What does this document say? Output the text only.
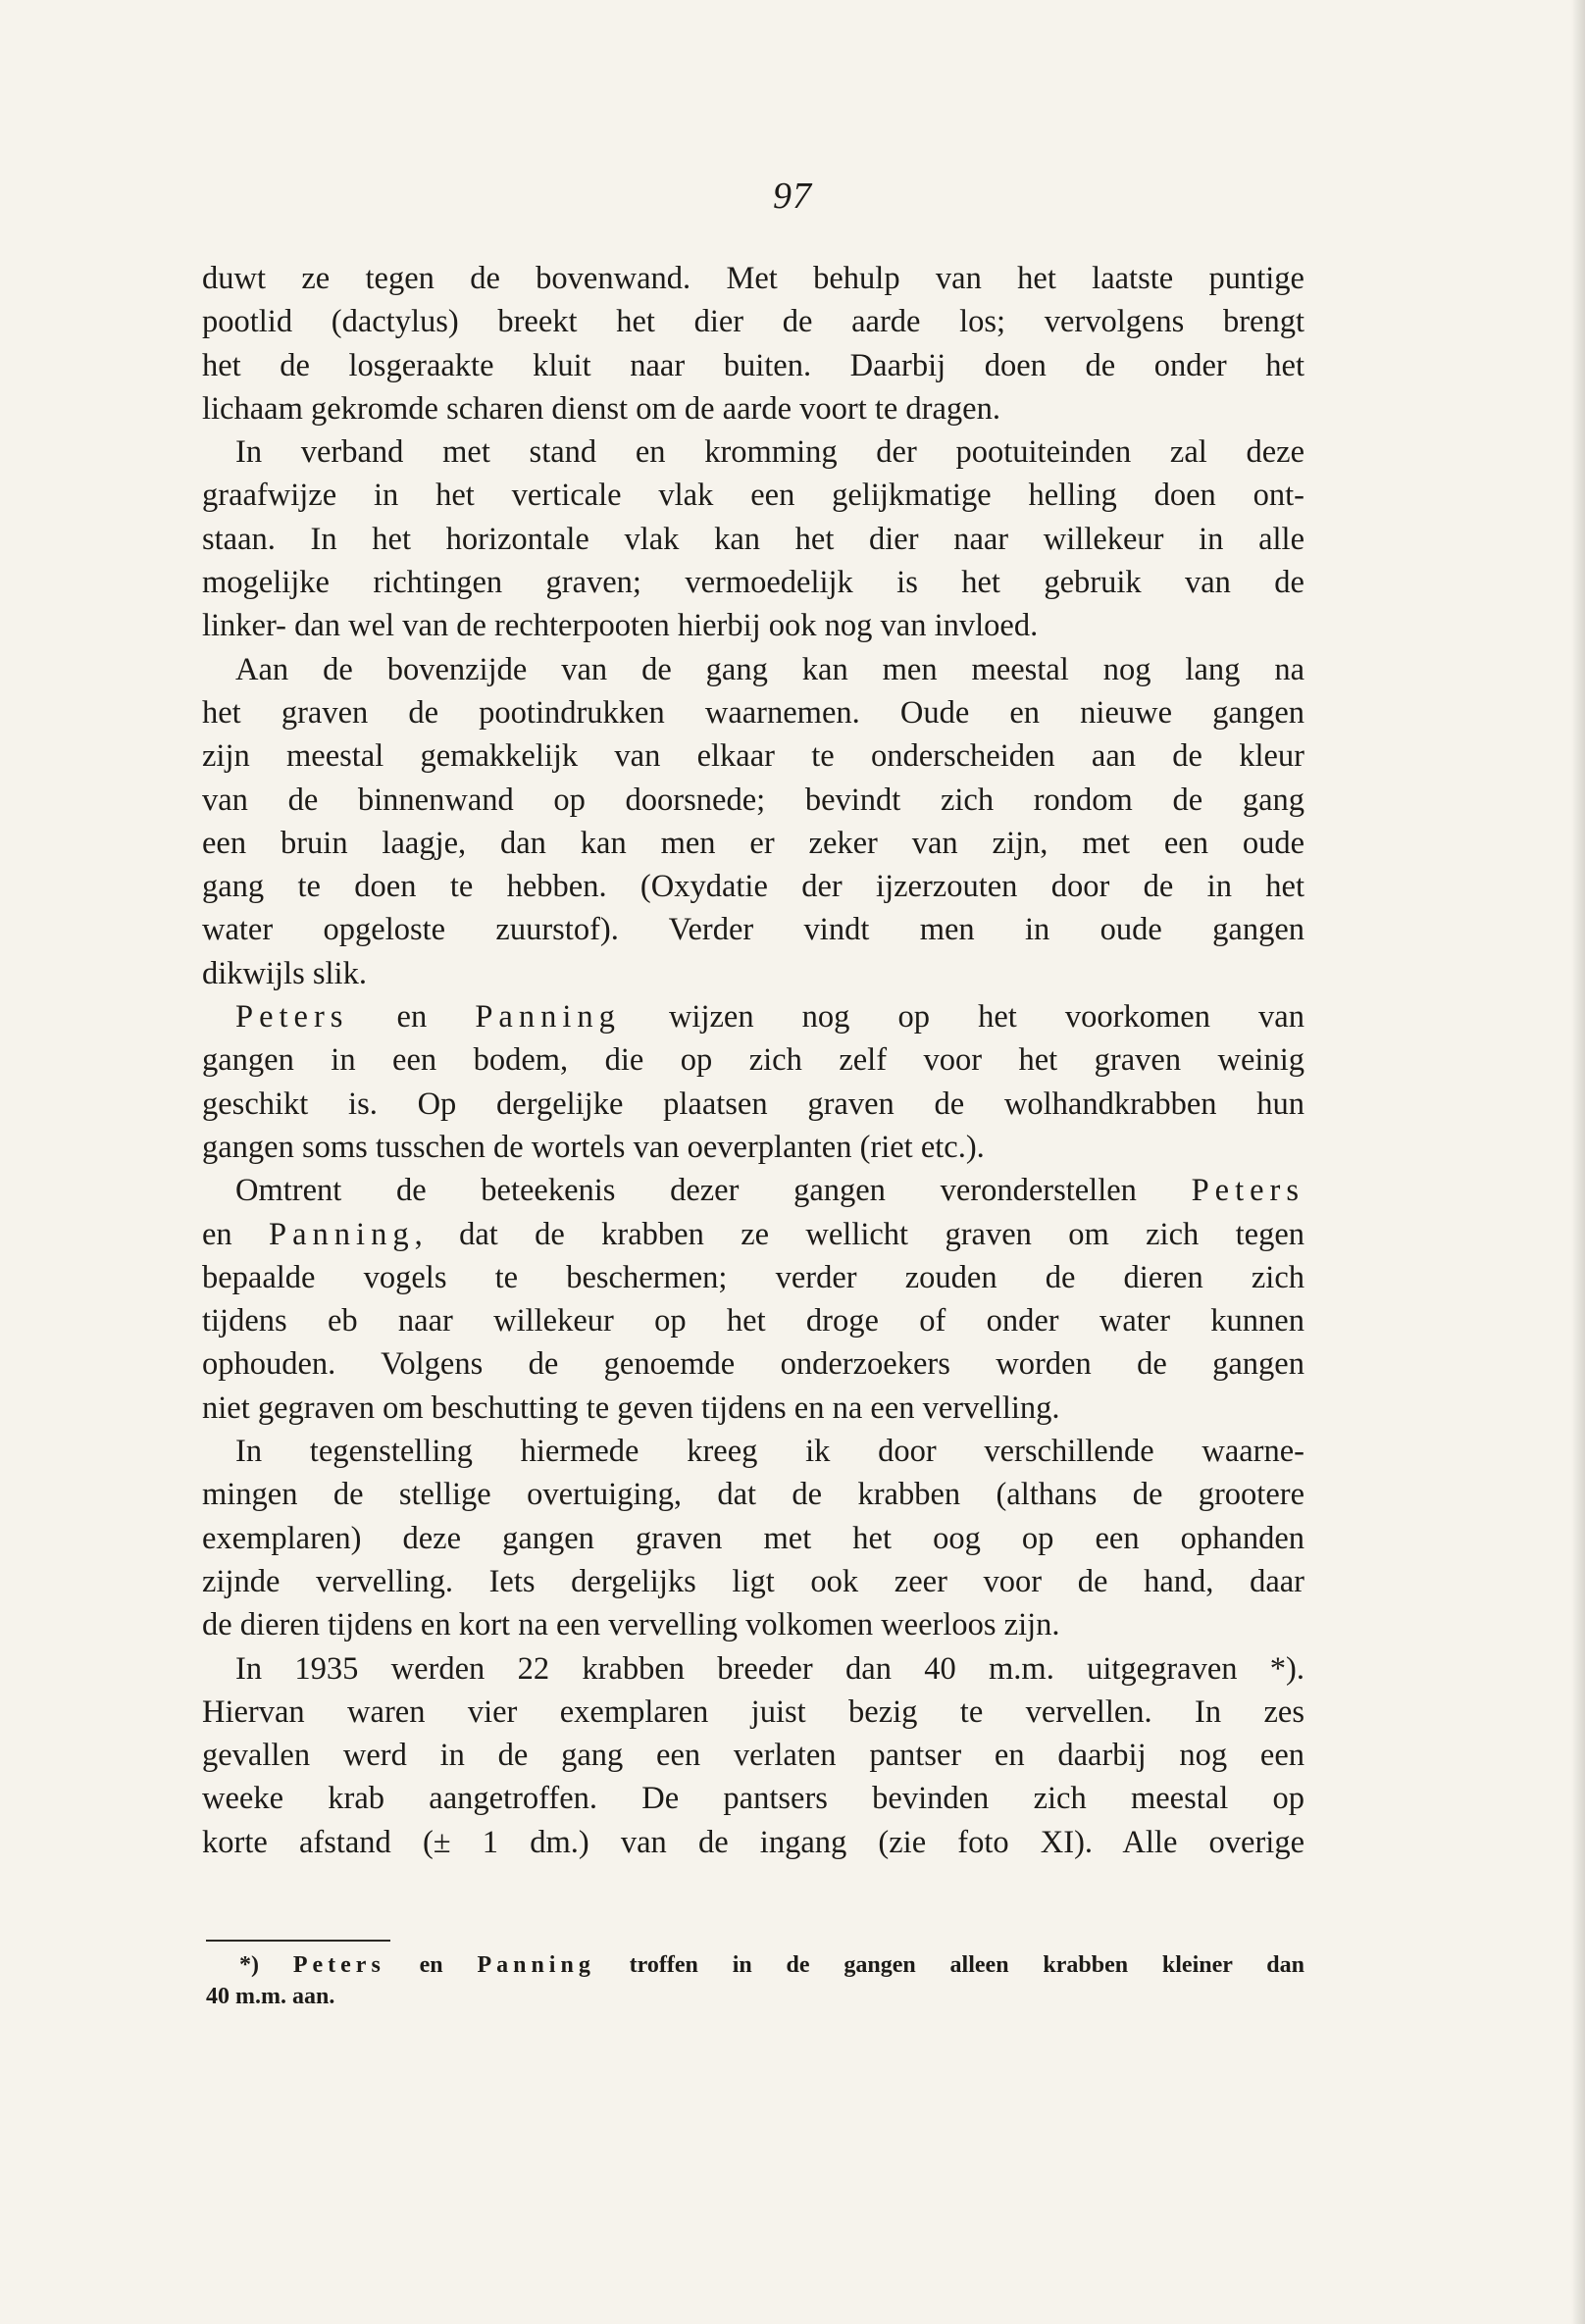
97

duwt ze tegen de bovenwand. Met behulp van het laatste puntige

pootlid (dactylus) breekt het dier de aarde los; vervolgens brengt

het de losgeraakte kluit naar buiten. Daarbij doen de onder het

lichaam gekromde scharen dienst om de aarde voort te dragen.

In verband met stand en kromming der pootuiteinden zal deze

graafwijze in het verticale vlak een gelijkmatige helling doen ont-

staan. In het horizontale vlak kan het dier naar willekeur in alle

mogelijke richtingen graven; vermoedelijk is het gebruik van de

linker- dan wel van de rechterpooten hierbij ook nog van invloed.

Aan de bovenzijde van de gang kan men meestal nog lang na

het graven de pootindrukken waarnemen. Oude en nieuwe gangen

zijn meestal gemakkelijk van elkaar te onderscheiden aan de kleur

van de binnenwand op doorsnede; bevindt zich rondom de gang

een bruin laagje, dan kan men er zeker van zijn, met een oude

gang te doen te hebben. (Oxydatie der ijzerzouten door de in het

water opgeloste zuurstof). Verder vindt men in oude gangen

dikwijls slik.

Peters en Panning wijzen nog op het voorkomen van

gangen in een bodem, die op zich zelf voor het graven weinig

geschikt is. Op dergelijke plaatsen graven de wolhandkrabben hun

gangen soms tusschen de wortels van oeverplanten (riet etc.).

Omtrent de beteekenis dezer gangen veronderstellen Peters

en Panning, dat de krabben ze wellicht graven om zich tegen

bepaalde vogels te beschermen; verder zouden de dieren zich

tijdens eb naar willekeur op het droge of onder water kunnen

ophouden. Volgens de genoemde onderzoekers worden de gangen

niet gegraven om beschutting te geven tijdens en na een vervelling.

In tegenstelling hiermede kreeg ik door verschillende waarne-

mingen de stellige overtuiging, dat de krabben (althans de grootere

exemplaren) deze gangen graven met het oog op een ophanden

zijnde vervelling. Iets dergelijks ligt ook zeer voor de hand, daar

de dieren tijdens en kort na een vervelling volkomen weerloos zijn.

In 1935 werden 22 krabben breeder dan 40 m.m. uitgegraven *).

Hiervan waren vier exemplaren juist bezig te vervellen. In zes

gevallen werd in de gang een verlaten pantser en daarbij nog een

weeke krab aangetroffen. De pantsers bevinden zich meestal op

korte afstand (± 1 dm.) van de ingang (zie foto XI). Alle overige

*) Peters en Panning troffen in de gangen alleen krabben kleiner dan

40 m.m. aan.
